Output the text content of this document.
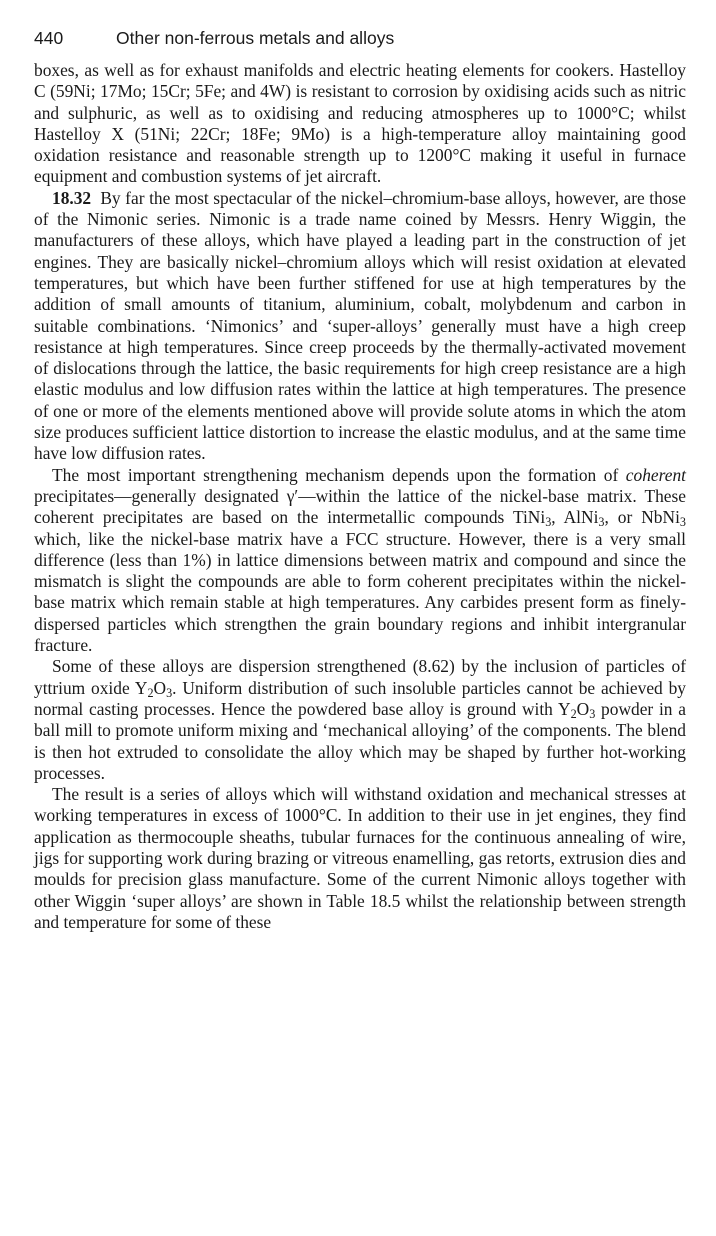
440	Other non-ferrous metals and alloys

boxes, as well as for exhaust manifolds and electric heating elements for cookers. Hastelloy C (59Ni; 17Mo; 15Cr; 5Fe; and 4W) is resistant to corrosion by oxidising acids such as nitric and sulphuric, as well as to oxidising and reducing atmospheres up to 1000°C; whilst Hastelloy X (51Ni; 22Cr; 18Fe; 9Mo) is a high-temperature alloy maintaining good oxidation resistance and reasonable strength up to 1200°C making it useful in furnace equipment and combustion systems of jet aircraft.

18.32 By far the most spectacular of the nickel–chromium-base alloys, however, are those of the Nimonic series. Nimonic is a trade name coined by Messrs. Henry Wiggin, the manufacturers of these alloys, which have played a leading part in the construction of jet engines. They are basically nickel–chromium alloys which will resist oxidation at elevated temperatures, but which have been further stiffened for use at high temperatures by the addition of small amounts of titanium, aluminium, cobalt, molybdenum and carbon in suitable combinations. ‘Nimonics’ and ‘super-alloys’ generally must have a high creep resistance at high temperatures. Since creep proceeds by the thermally-activated movement of dislocations through the lattice, the basic requirements for high creep resistance are a high elastic modulus and low diffusion rates within the lattice at high temperatures. The presence of one or more of the elements mentioned above will provide solute atoms in which the atom size produces sufficient lattice distortion to increase the elastic modulus, and at the same time have low diffusion rates.

The most important strengthening mechanism depends upon the formation of coherent precipitates—generally designated γ′—within the lattice of the nickel-base matrix. These coherent precipitates are based on the intermetallic compounds TiNi$_3$, AlNi$_3$, or NbNi$_3$ which, like the nickel-base matrix have a FCC structure. However, there is a very small difference (less than 1%) in lattice dimensions between matrix and compound and since the mismatch is slight the compounds are able to form coherent precipitates within the nickel-base matrix which remain stable at high temperatures. Any carbides present form as finely-dispersed particles which strengthen the grain boundary regions and inhibit intergranular fracture.

Some of these alloys are dispersion strengthened (8.62) by the inclusion of particles of yttrium oxide $Y_2O_3$. Uniform distribution of such insoluble particles cannot be achieved by normal casting processes. Hence the powdered base alloy is ground with $Y_2O_3$ powder in a ball mill to promote uniform mixing and ‘mechanical alloying’ of the components. The blend is then hot extruded to consolidate the alloy which may be shaped by further hot-working processes.

The result is a series of alloys which will withstand oxidation and mechanical stresses at working temperatures in excess of 1000°C. In addition to their use in jet engines, they find application as thermocouple sheaths, tubular furnaces for the continuous annealing of wire, jigs for supporting work during brazing or vitreous enamelling, gas retorts, extrusion dies and moulds for precision glass manufacture. Some of the current Nimonic alloys together with other Wiggin ‘super alloys’ are shown in Table 18.5 whilst the relationship between strength and temperature for some of these
